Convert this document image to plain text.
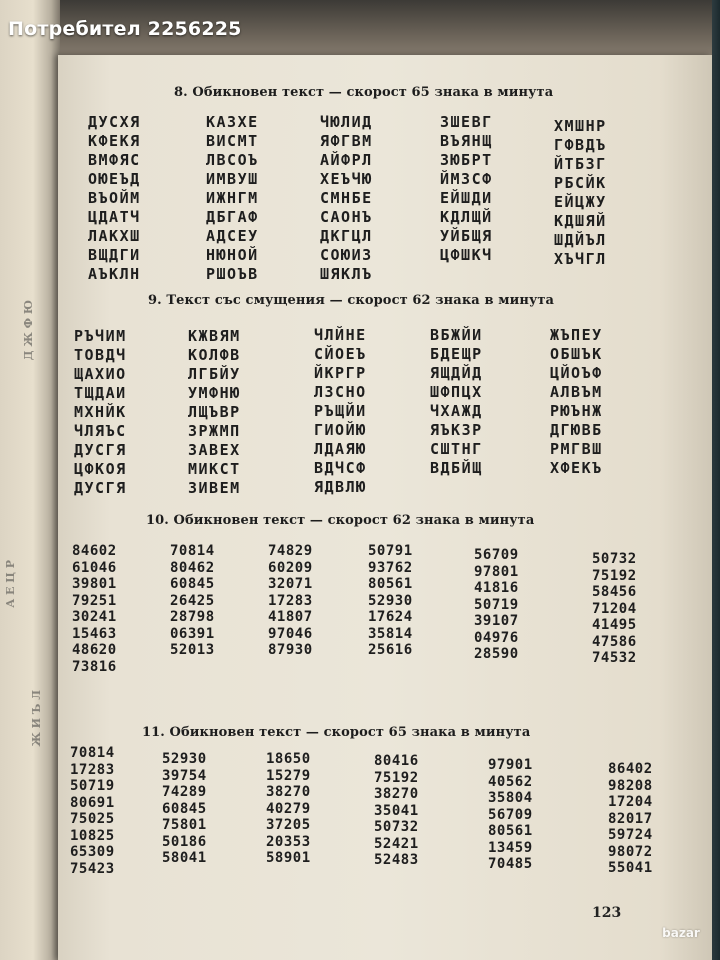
Д Ж Ф Ю
А Е Ц Р
Ж И Ъ Л
8. Обикновен текст — скорост 65 знака в минута
ДУСХЯ
КФЕКЯ
ВМФЯС
ОЮЕЪД
ВЪОЙМ
ЦДАТЧ
ЛАКХШ
ВЩДГИ
АЪКЛН
КАЗХЕ
ВИСМТ
ЛВСОЪ
ИМВУШ
ИЖНГМ
ДБГАФ
АДСЕУ
НЮНОЙ
РШОЪВ
ЧЮЛИД
ЯФГВМ
АЙФРЛ
ХЕЪЧЮ
СМНБЕ
САОНЪ
ДКГЦЛ
СОЮИЗ
ШЯКЛЪ
ЗШЕВГ
ВЪЯНЩ
ЗЮБРТ
ЙМЗСФ
ЕЙШДИ
КДЛЩЙ
УЙБЩЯ
ЦФШКЧ
ХМШНР
ГФВДЪ
ЙТБЗГ
РБСЙК
ЕЙЦЖУ
КДШЯЙ
ШДЙЪЛ
ХЪЧГЛ
9. Текст със смущения — скорост 62 знака в минута
РЪЧИМ
ТОВДЧ
ЩАХИО
ТЩДАИ
МХНЙК
ЧЛЯЪС
ДУСГЯ
ЦФКОЯ
ДУСГЯ
КЖВЯМ
КОЛФВ
ЛГБЙУ
УМФНЮ
ЛЩЪВР
ЗРЖМП
ЗАВЕХ
МИКСТ
ЗИВЕМ
ЧЛЙНЕ
СЙОЕЪ
ЙКРГР
ЛЗСНО
РЪЩЙИ
ГИОЙЮ
ЛДАЯЮ
ВДЧСФ
ЯДВЛЮ
ВБЖЙИ
БДЕЩР
ЯЩДЙД
ШФПЦХ
ЧХАЖД
ЯЪКЗР
СШТНГ
ВДБЙЩ
ЖЪПЕУ
ОБШЪК
ЦЙОЪФ
АЛВЪМ
РЮЪНЖ
ДГЮВБ
РМГВШ
ХФЕКЪ
10. Обикновен текст — скорост 62 знака в минута
84602
61046
39801
79251
30241
15463
48620
73816
70814
80462
60845
26425
28798
06391
52013
74829
60209
32071
17283
41807
97046
87930
50791
93762
80561
52930
17624
35814
25616
56709
97801
41816
50719
39107
04976
28590
50732
75192
58456
71204
41495
47586
74532
11. Обикновен текст — скорост 65 знака в минута
70814
17283
50719
80691
75025
10825
65309
75423
52930
39754
74289
60845
75801
50186
58041
18650
15279
38270
40279
37205
20353
58901
80416
75192
38270
35041
50732
52421
52483
97901
40562
35804
56709
80561
13459
70485
86402
98208
17204
82017
59724
98072
55041
123
Потребител 2256225
bazar
